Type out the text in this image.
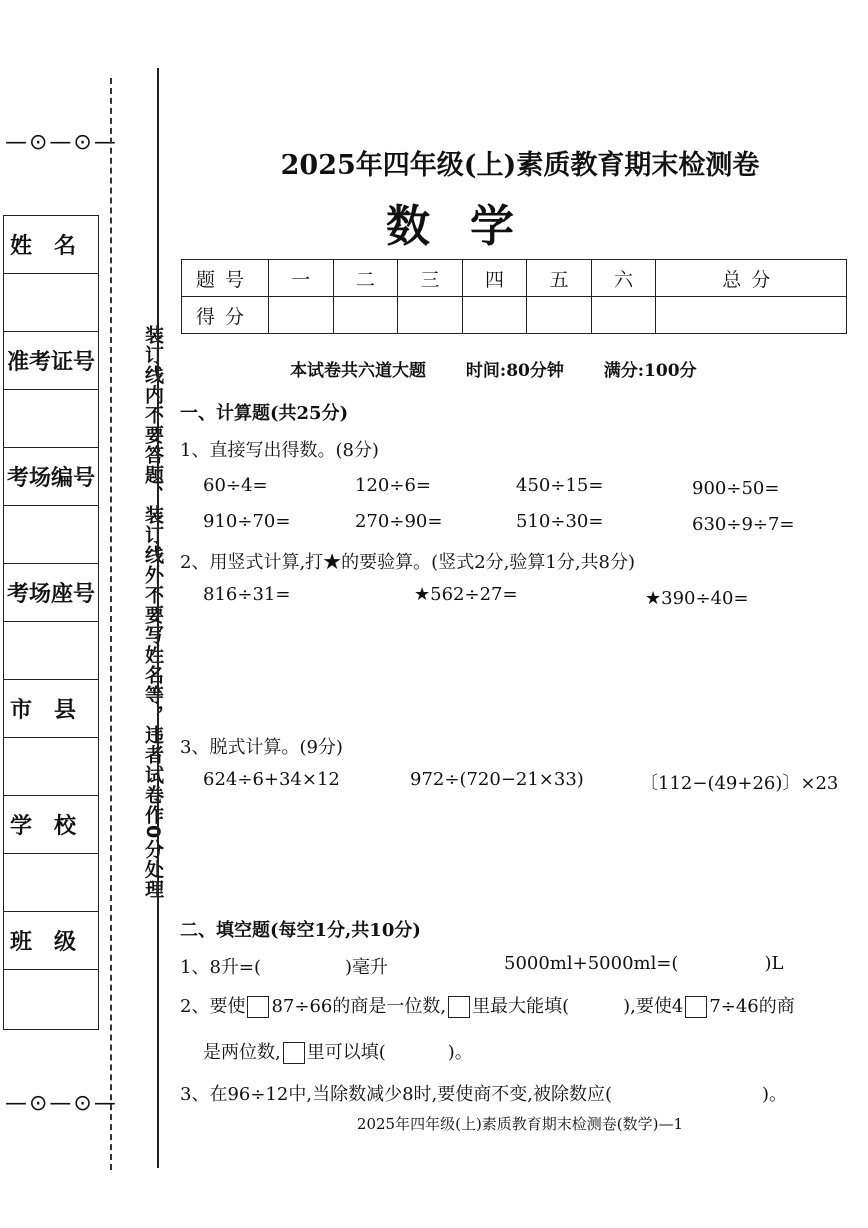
—⊙—⊙—
姓　名
准考证号
考场编号
考场座号
市　县
学　校
班　级
—⊙—⊙—
装订线内不要答题、装订线外不要写姓名等，违者试卷作0分处理
2025年四年级(上)素质教育期末检测卷
数学
题号	一	二	三	四	五	六	总分
得分							
本试卷共六道大题 时间:80分钟 满分:100分
一、计算题(共25分)
1、直接写出得数。(8分)
60÷4=	120÷6=	450÷15=	900÷50=
910÷70=	270÷90=	510÷30=	630÷9÷7=
2、用竖式计算,打★的要验算。(竖式2分,验算1分,共8分)
816÷31=	★562÷27=	★390÷40=
3、脱式计算。(9分)
624÷6+34×12	972÷(720−21×33)	〔112−(49+26)〕×23
二、填空题(每空1分,共10分)
1、8升=(	)毫升	5000ml+5000ml=(	)L
2、要使 87÷66的商是一位数, 里最大能填(	),要使4 7÷46的商
是两位数, 里可以填(	)。
3、在96÷12中,当除数减少8时,要使商不变,被除数应(	)。
2025年四年级(上)素质教育期末检测卷(数学)—1
